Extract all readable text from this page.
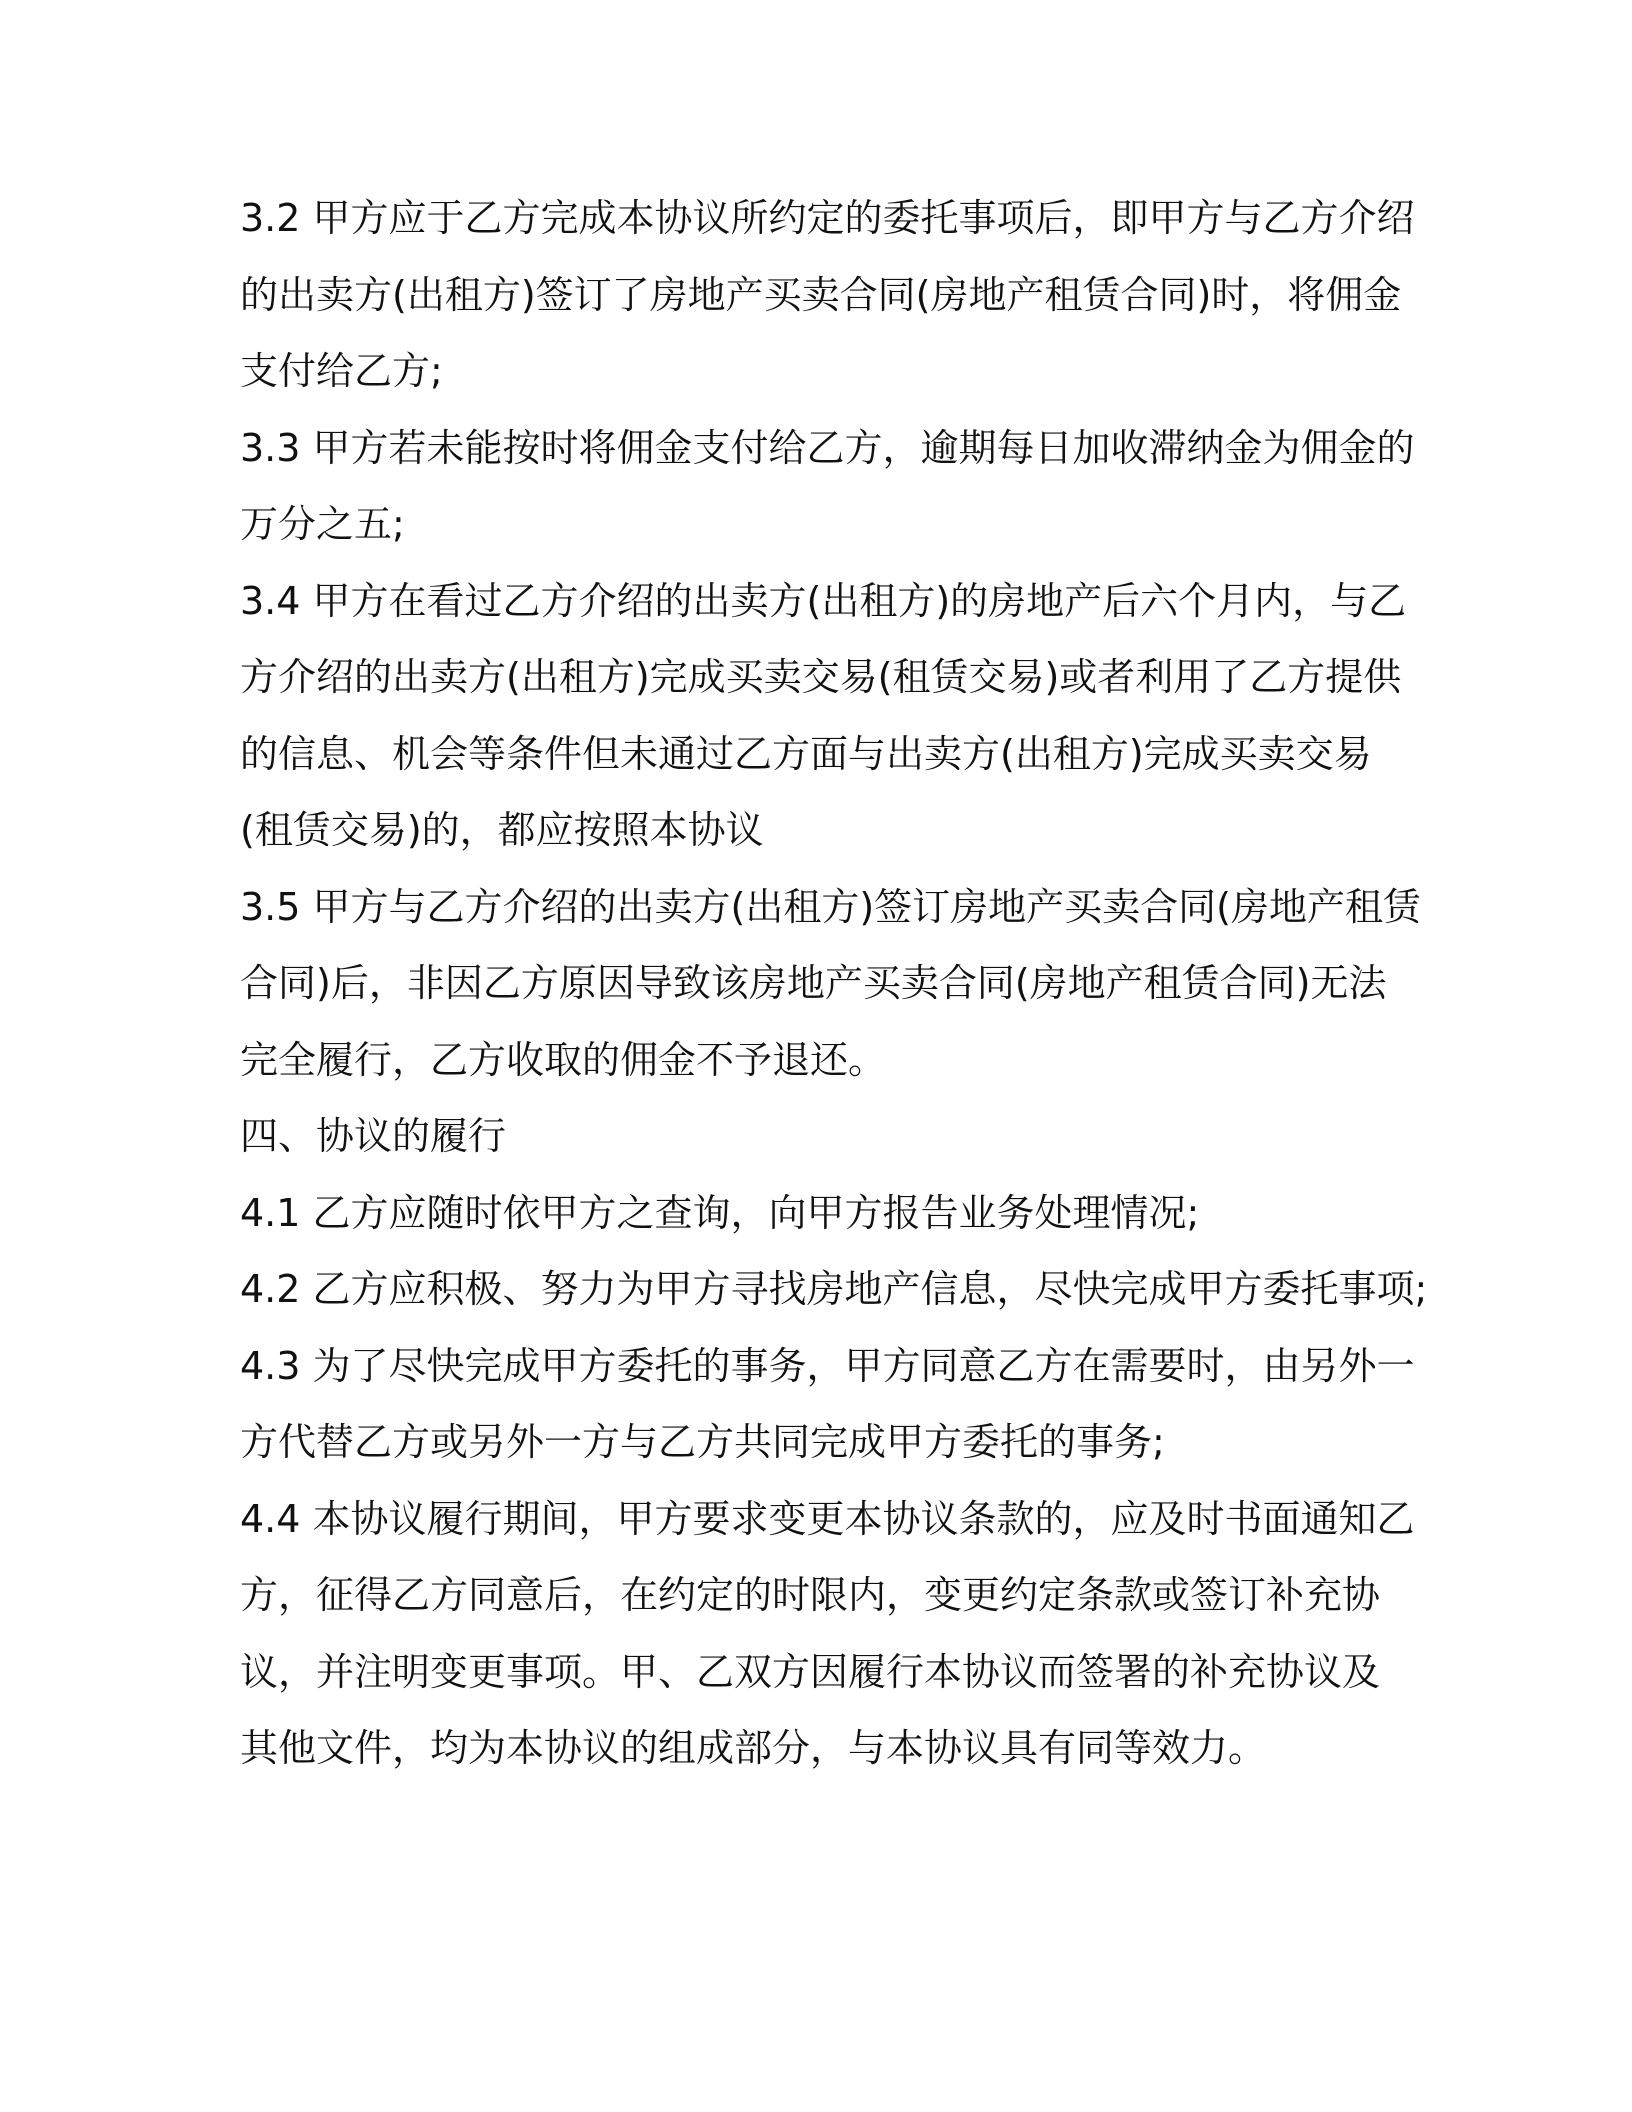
3.2 甲方应于乙方完成本协议所约定的委托事项后，即甲方与乙方介绍
的出卖方(出租方)签订了房地产买卖合同(房地产租赁合同)时，将佣金
支付给乙方;
3.3 甲方若未能按时将佣金支付给乙方，逾期每日加收滞纳金为佣金的
万分之五;
3.4 甲方在看过乙方介绍的出卖方(出租方)的房地产后六个月内，与乙
方介绍的出卖方(出租方)完成买卖交易(租赁交易)或者利用了乙方提供
的信息、机会等条件但未通过乙方面与出卖方(出租方)完成买卖交易
(租赁交易)的，都应按照本协议
3.5 甲方与乙方介绍的出卖方(出租方)签订房地产买卖合同(房地产租赁
合同)后，非因乙方原因导致该房地产买卖合同(房地产租赁合同)无法
完全履行，乙方收取的佣金不予退还。
四、协议的履行
4.1 乙方应随时依甲方之查询，向甲方报告业务处理情况;
4.2 乙方应积极、努力为甲方寻找房地产信息，尽快完成甲方委托事项;
4.3 为了尽快完成甲方委托的事务，甲方同意乙方在需要时，由另外一
方代替乙方或另外一方与乙方共同完成甲方委托的事务;
4.4 本协议履行期间，甲方要求变更本协议条款的，应及时书面通知乙
方，征得乙方同意后，在约定的时限内，变更约定条款或签订补充协
议，并注明变更事项。甲、乙双方因履行本协议而签署的补充协议及
其他文件，均为本协议的组成部分，与本协议具有同等效力。
